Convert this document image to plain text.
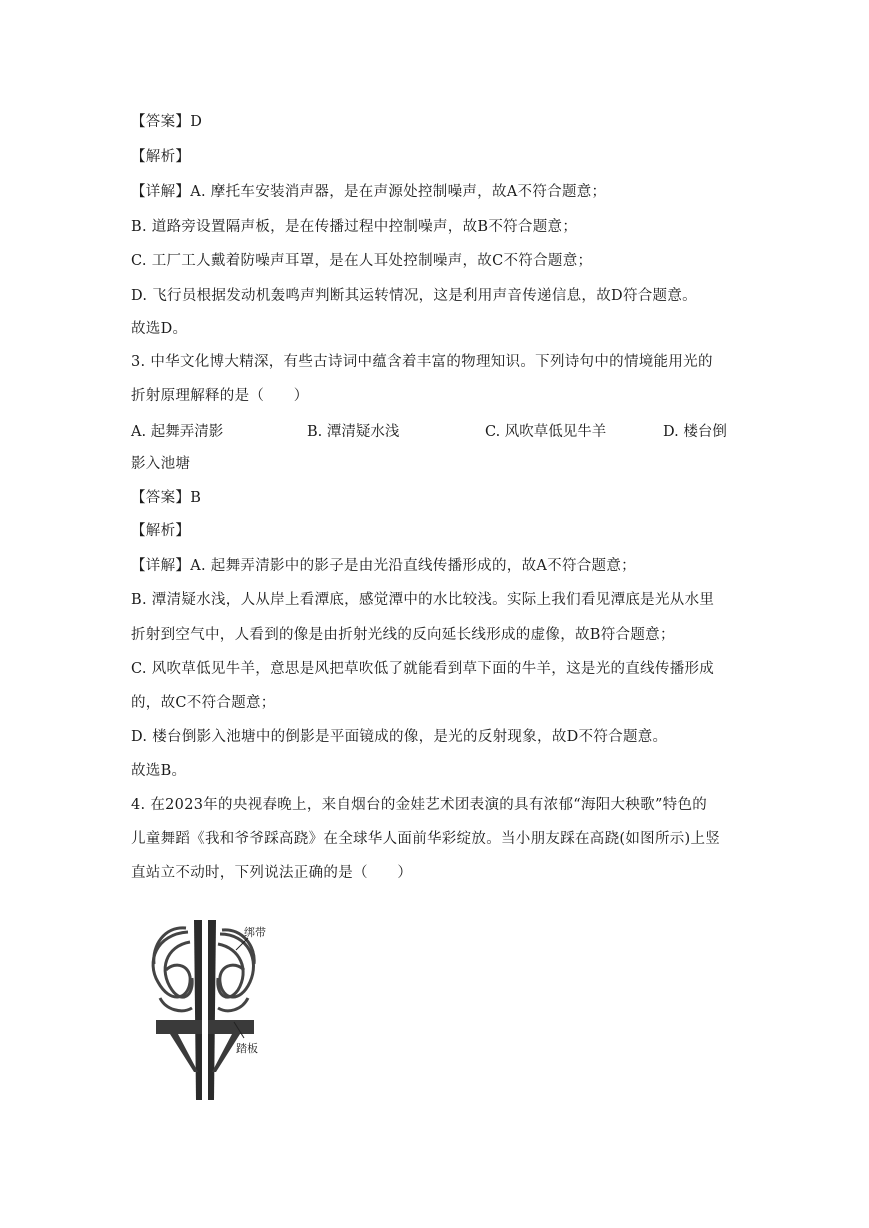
【答案】D
【解析】
【详解】A. 摩托车安装消声器，是在声源处控制噪声，故A不符合题意；
B. 道路旁设置隔声板，是在传播过程中控制噪声，故B不符合题意；
C. 工厂工人戴着防噪声耳罩，是在人耳处控制噪声，故C不符合题意；
D. 飞行员根据发动机轰鸣声判断其运转情况，这是利用声音传递信息，故D符合题意。
故选D。
3. 中华文化博大精深，有些古诗词中蕴含着丰富的物理知识。下列诗句中的情境能用光的
折射原理解释的是（　　）
A. 起舞弄清影	B. 潭清疑水浅	C. 风吹草低见牛羊	D. 楼台倒
影入池塘
【答案】B
【解析】
【详解】A. 起舞弄清影中的影子是由光沿直线传播形成的，故A不符合题意；
B. 潭清疑水浅，人从岸上看潭底，感觉潭中的水比较浅。实际上我们看见潭底是光从水里
折射到空气中，人看到的像是由折射光线的反向延长线形成的虚像，故B符合题意；
C. 风吹草低见牛羊，意思是风把草吹低了就能看到草下面的牛羊，这是光的直线传播形成
的，故C不符合题意；
D. 楼台倒影入池塘中的倒影是平面镜成的像，是光的反射现象，故D不符合题意。
故选B。
4. 在2023年的央视春晚上，来自烟台的金娃艺术团表演的具有浓郁“海阳大秧歌”特色的
儿童舞蹈《我和爷爷踩高跷》在全球华人面前华彩绽放。当小朋友踩在高跷(如图所示)上竖
直站立不动时，下列说法正确的是（　　）
绑带
踏板
